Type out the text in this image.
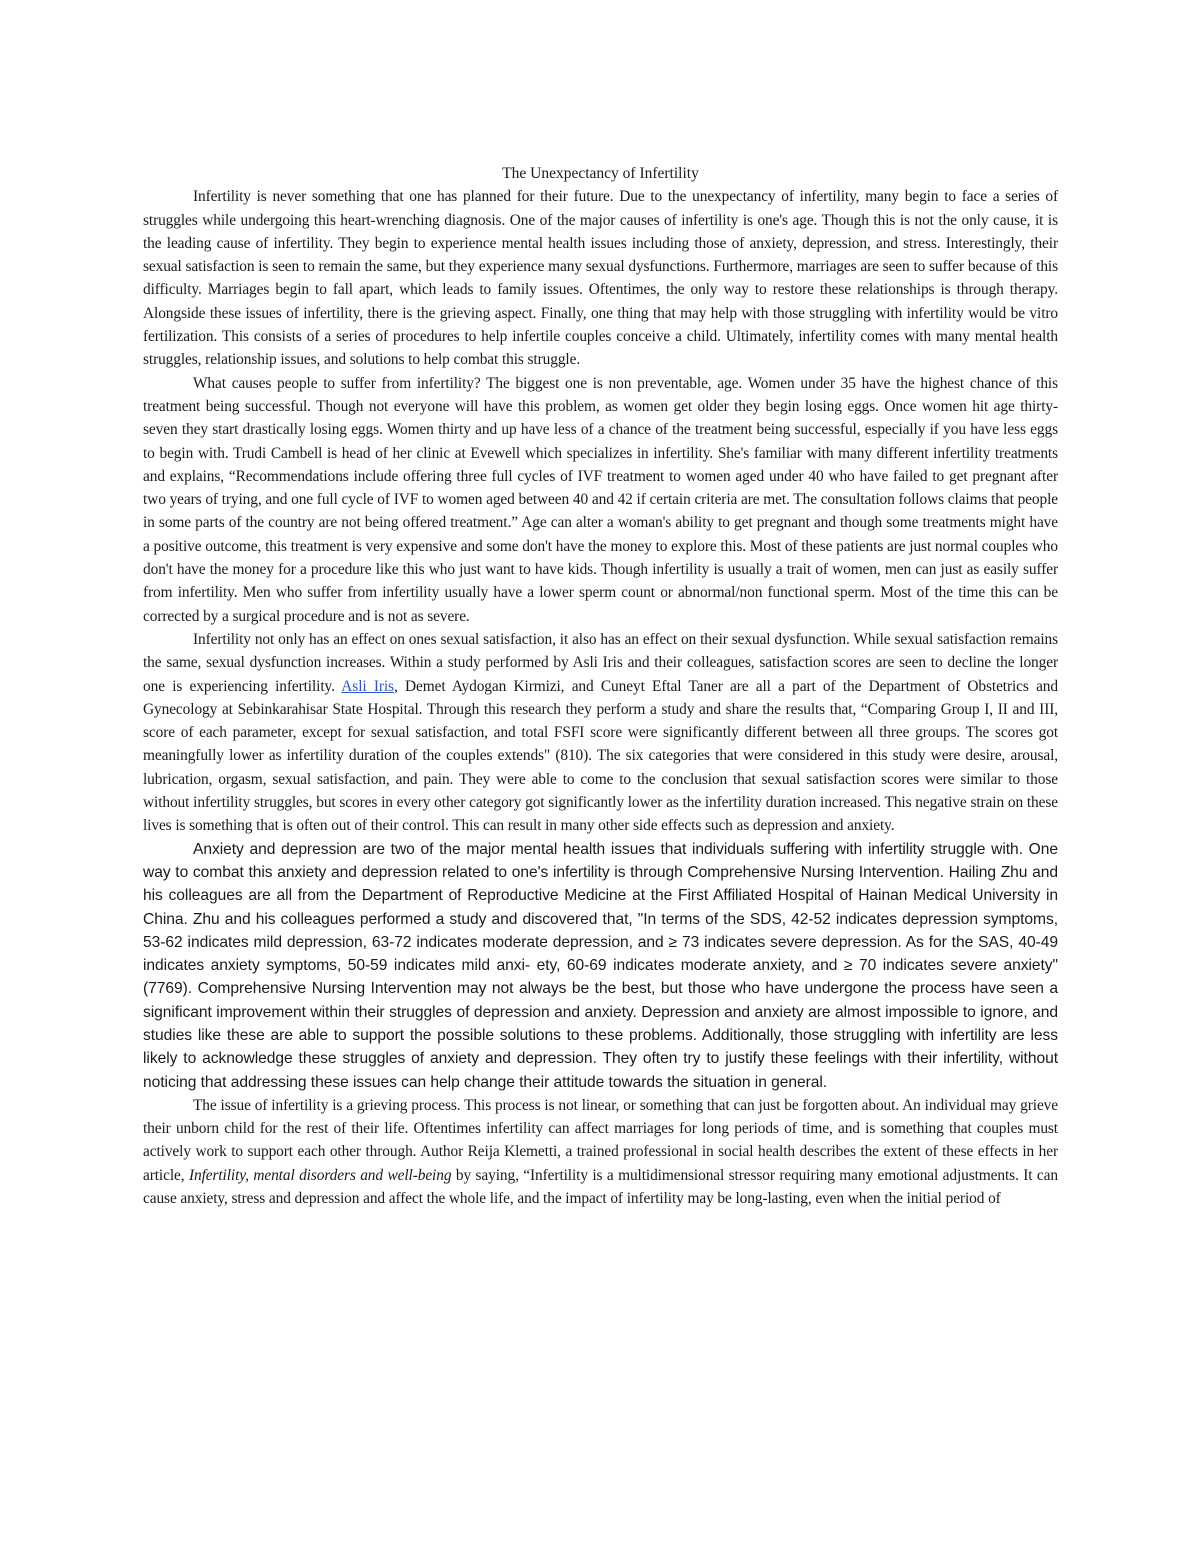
The Unexpectancy of Infertility

Infertility is never something that one has planned for their future. Due to the unexpectancy of infertility, many begin to face a series of struggles while undergoing this heart-wrenching diagnosis. One of the major causes of infertility is one's age. Though this is not the only cause, it is the leading cause of infertility. They begin to experience mental health issues including those of anxiety, depression, and stress. Interestingly, their sexual satisfaction is seen to remain the same, but they experience many sexual dysfunctions. Furthermore, marriages are seen to suffer because of this difficulty. Marriages begin to fall apart, which leads to family issues. Oftentimes, the only way to restore these relationships is through therapy. Alongside these issues of infertility, there is the grieving aspect. Finally, one thing that may help with those struggling with infertility would be vitro fertilization. This consists of a series of procedures to help infertile couples conceive a child. Ultimately, infertility comes with many mental health struggles, relationship issues, and solutions to help combat this struggle.

What causes people to suffer from infertility? The biggest one is non preventable, age. Women under 35 have the highest chance of this treatment being successful. Though not everyone will have this problem, as women get older they begin losing eggs. Once women hit age thirty- seven they start drastically losing eggs. Women thirty and up have less of a chance of the treatment being successful, especially if you have less eggs to begin with. Trudi Cambell is head of her clinic at Evewell which specializes in infertility. She's familiar with many different infertility treatments and explains, “Recommendations include offering three full cycles of IVF treatment to women aged under 40 who have failed to get pregnant after two years of trying, and one full cycle of IVF to women aged between 40 and 42 if certain criteria are met. The consultation follows claims that people in some parts of the country are not being offered treatment.” Age can alter a woman's ability to get pregnant and though some treatments might have a positive outcome, this treatment is very expensive and some don't have the money to explore this. Most of these patients are just normal couples who don't have the money for a procedure like this who just want to have kids. Though infertility is usually a trait of women, men can just as easily suffer from infertility. Men who suffer from infertility usually have a lower sperm count or abnormal/non functional sperm. Most of the time this can be corrected by a surgical procedure and is not as severe.

Infertility not only has an effect on ones sexual satisfaction, it also has an effect on their sexual dysfunction. While sexual satisfaction remains the same, sexual dysfunction increases. Within a study performed by Asli Iris and their colleagues, satisfaction scores are seen to decline the longer one is experiencing infertility. Asli Iris, Demet Aydogan Kirmizi, and Cuneyt Eftal Taner are all a part of the Department of Obstetrics and Gynecology at Sebinkarahisar State Hospital. Through this research they perform a study and share the results that, “Comparing Group I, II and III, score of each parameter, except for sexual satisfaction, and total FSFI score were significantly different between all three groups. The scores got meaningfully lower as infertility duration of the couples extends" (810). The six categories that were considered in this study were desire, arousal, lubrication, orgasm, sexual satisfaction, and pain. They were able to come to the conclusion that sexual satisfaction scores were similar to those without infertility struggles, but scores in every other category got significantly lower as the infertility duration increased. This negative strain on these lives is something that is often out of their control. This can result in many other side effects such as depression and anxiety.

Anxiety and depression are two of the major mental health issues that individuals suffering with infertility struggle with. One way to combat this anxiety and depression related to one's infertility is through Comprehensive Nursing Intervention. Hailing Zhu and his colleagues are all from the Department of Reproductive Medicine at the First Affiliated Hospital of Hainan Medical University in China. Zhu and his colleagues performed a study and discovered that, "In terms of the SDS, 42-52 indicates depression symptoms, 53-62 indicates mild depression, 63-72 indicates moderate depression, and ≥ 73 indicates severe depression. As for the SAS, 40-49 indicates anxiety symptoms, 50-59 indicates mild anxi- ety, 60-69 indicates moderate anxiety, and ≥ 70 indicates severe anxiety" (7769). Comprehensive Nursing Intervention may not always be the best, but those who have undergone the process have seen a significant improvement within their struggles of depression and anxiety. Depression and anxiety are almost impossible to ignore, and studies like these are able to support the possible solutions to these problems. Additionally, those struggling with infertility are less likely to acknowledge these struggles of anxiety and depression. They often try to justify these feelings with their infertility, without noticing that addressing these issues can help change their attitude towards the situation in general.

The issue of infertility is a grieving process. This process is not linear, or something that can just be forgotten about. An individual may grieve their unborn child for the rest of their life. Oftentimes infertility can affect marriages for long periods of time, and is something that couples must actively work to support each other through. Author Reija Klemetti, a trained professional in social health describes the extent of these effects in her article, Infertility, mental disorders and well-being by saying, “Infertility is a multidimensional stressor requiring many emotional adjustments. It can cause anxiety, stress and depression and affect the whole life, and the impact of infertility may be long-lasting, even when the initial period of
